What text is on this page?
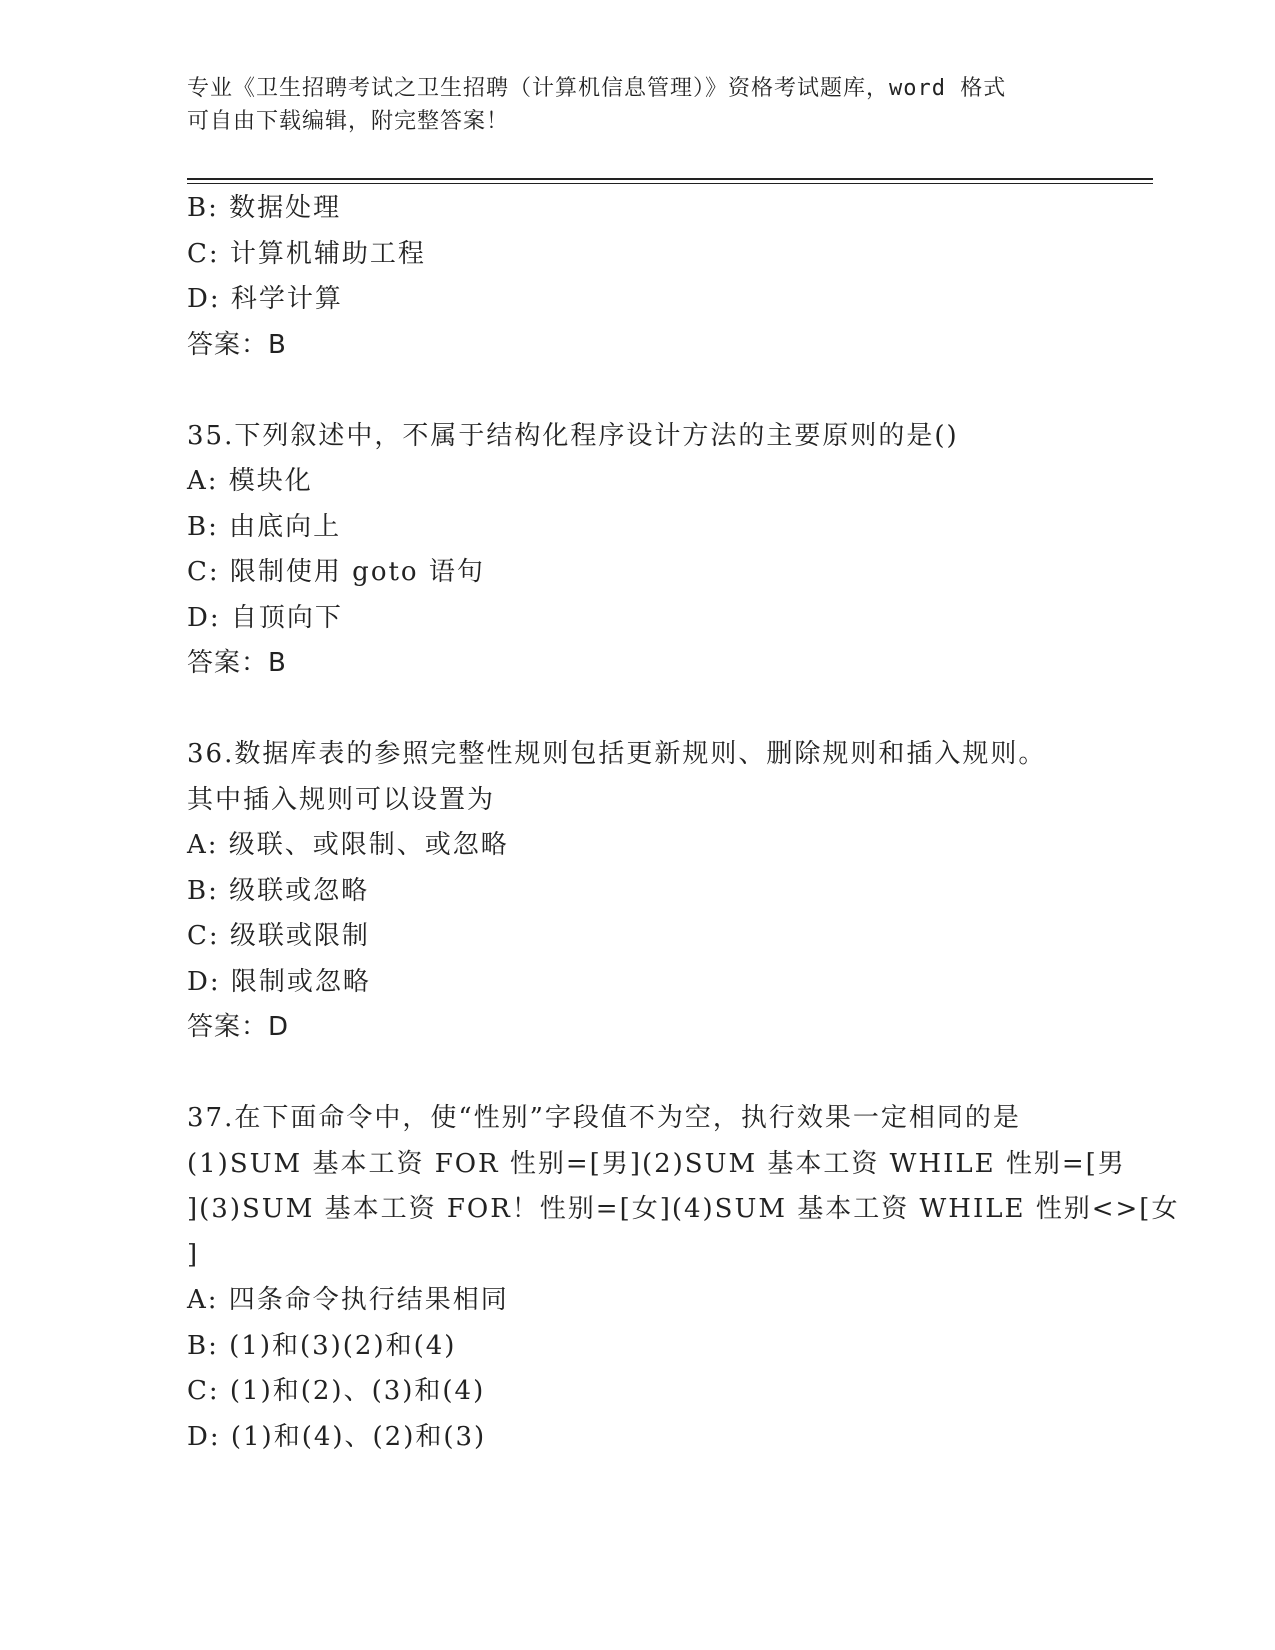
专业《卫生招聘考试之卫生招聘（计算机信息管理）》资格考试题库，word 格式
可自由下载编辑，附完整答案！
B: 数据处理
C: 计算机辅助工程
D: 科学计算
答案：B
35.下列叙述中，不属于结构化程序设计方法的主要原则的是()
A: 模块化
B: 由底向上
C: 限制使用 goto 语句
D: 自顶向下
答案：B
36.数据库表的参照完整性规则包括更新规则、删除规则和插入规则。
其中插入规则可以设置为
A: 级联、或限制、或忽略
B: 级联或忽略
C: 级联或限制
D: 限制或忽略
答案：D
37.在下面命令中，使“性别”字段值不为空，执行效果一定相同的是
(1)SUM 基本工资 FOR 性别=[男](2)SUM 基本工资 WHILE 性别=[男
](3)SUM 基本工资 FOR！性别=[女](4)SUM 基本工资 WHILE 性别<>[女
]
A: 四条命令执行结果相同
B: (1)和(3)(2)和(4)
C: (1)和(2)、(3)和(4)
D: (1)和(4)、(2)和(3)
